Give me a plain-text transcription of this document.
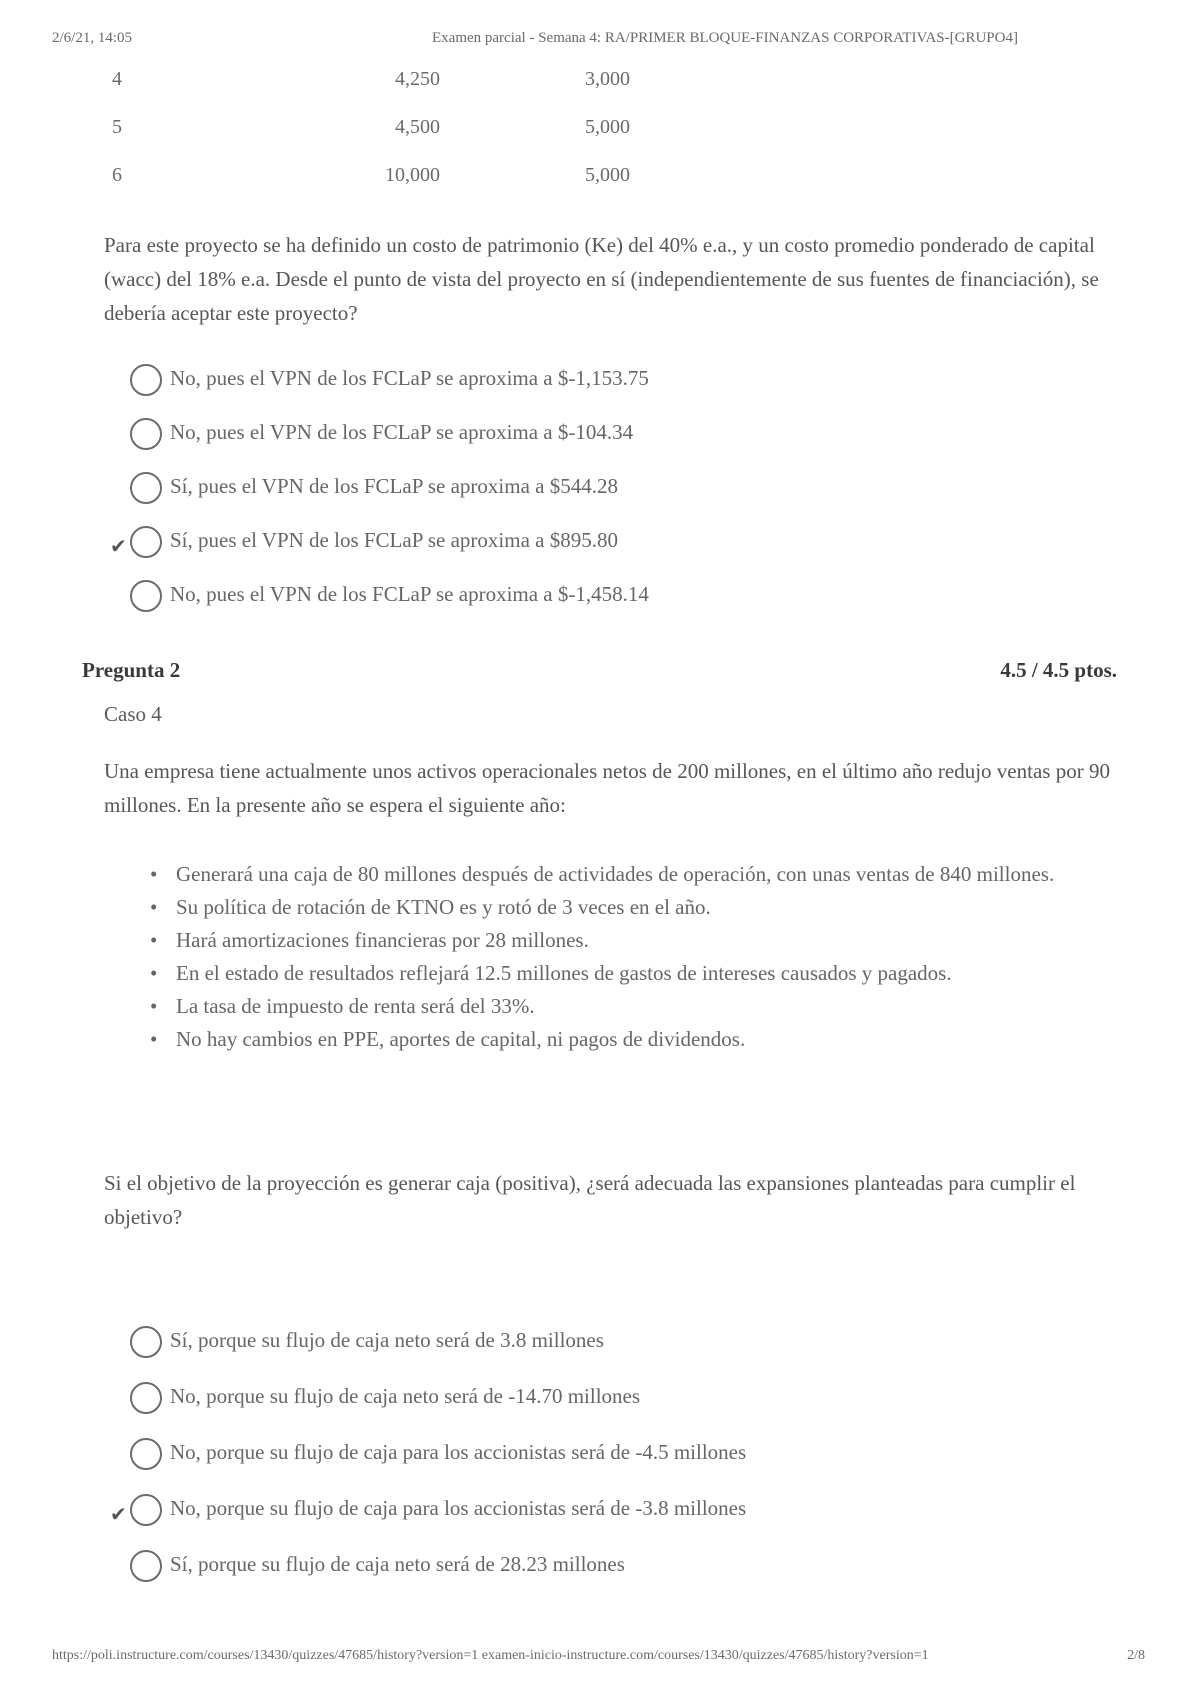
2/6/21, 14:05	Examen parcial - Semana 4: RA/PRIMER BLOQUE-FINANZAS CORPORATIVAS-[GRUPO4]
4	4,250	3,000
5	4,500	5,000
6	10,000	5,000
Para este proyecto se ha definido un costo de patrimonio (Ke) del 40% e.a., y un costo promedio ponderado de capital (wacc) del 18% e.a. Desde el punto de vista del proyecto en sí (independientemente de sus fuentes de financiación), se debería aceptar este proyecto?
No, pues el VPN de los FCLaP se aproxima a $-1,153.75
No, pues el VPN de los FCLaP se aproxima a $-104.34
Sí, pues el VPN de los FCLaP se aproxima a $544.28
✔ Sí, pues el VPN de los FCLaP se aproxima a $895.80
No, pues el VPN de los FCLaP se aproxima a $-1,458.14
Pregunta 2	4.5 / 4.5 ptos.
Caso 4
Una empresa tiene actualmente unos activos operacionales netos de 200 millones, en el último año redujo ventas por 90 millones. En la presente año se espera el siguiente año:
• Generará una caja de 80 millones después de actividades de operación, con unas ventas de 840 millones.
• Su política de rotación de KTNO es y rotó de 3 veces en el año.
• Hará amortizaciones financieras por 28 millones.
• En el estado de resultados reflejará 12.5 millones de gastos de intereses causados y pagados.
• La tasa de impuesto de renta será del 33%.
• No hay cambios en PPE, aportes de capital, ni pagos de dividendos.
Si el objetivo de la proyección es generar caja (positiva), ¿será adecuada las expansiones planteadas para cumplir el objetivo?
Sí, porque su flujo de caja neto será de 3.8 millones
No, porque su flujo de caja neto será de -14.70 millones
No, porque su flujo de caja para los accionistas será de -4.5 millones
✔ No, porque su flujo de caja para los accionistas será de -3.8 millones
Sí, porque su flujo de caja neto será de 28.23 millones
https://poli.instructure.com/courses/13430/quizzes/47685/history?version=1 examen-inicio-instructure.com/courses/13430/quizzes/47685/history?version=1	2/8
